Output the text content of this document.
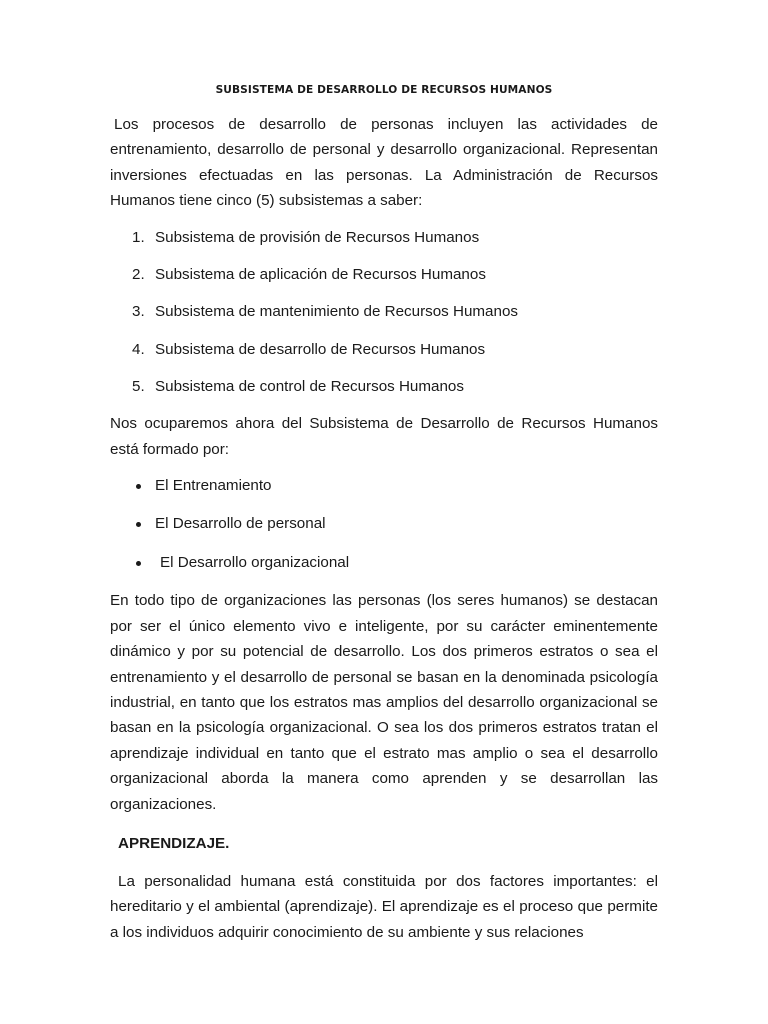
SUBSISTEMA DE DESARROLLO DE RECURSOS HUMANOS

Los procesos de desarrollo de personas incluyen las actividades de entrenamiento, desarrollo de personal y desarrollo organizacional. Representan inversiones efectuadas en las personas. La Administración de Recursos Humanos tiene cinco (5) subsistemas a saber:

1. Subsistema de provisión de Recursos Humanos
2. Subsistema de aplicación de Recursos Humanos
3. Subsistema de mantenimiento de Recursos Humanos
4. Subsistema de desarrollo de Recursos Humanos
5. Subsistema de control de Recursos Humanos

Nos ocuparemos ahora del Subsistema de Desarrollo de Recursos Humanos está formado por:

El Entrenamiento
El Desarrollo de personal
El Desarrollo organizacional

En todo tipo de organizaciones las personas (los seres humanos) se destacan por ser el único elemento vivo e inteligente, por su carácter eminentemente dinámico y por su potencial de desarrollo. Los dos primeros estratos o sea el entrenamiento y el desarrollo de personal se basan en la denominada psicología industrial, en tanto que los estratos mas amplios del desarrollo organizacional se basan en la psicología organizacional. O sea los dos primeros estratos tratan el aprendizaje individual en tanto que el estrato mas amplio o sea el desarrollo organizacional aborda la manera como aprenden y se desarrollan las organizaciones.

APRENDIZAJE.

La personalidad humana está constituida por dos factores importantes: el hereditario y el ambiental (aprendizaje). El aprendizaje es el proceso que permite a los individuos adquirir conocimiento de su ambiente y sus relaciones
